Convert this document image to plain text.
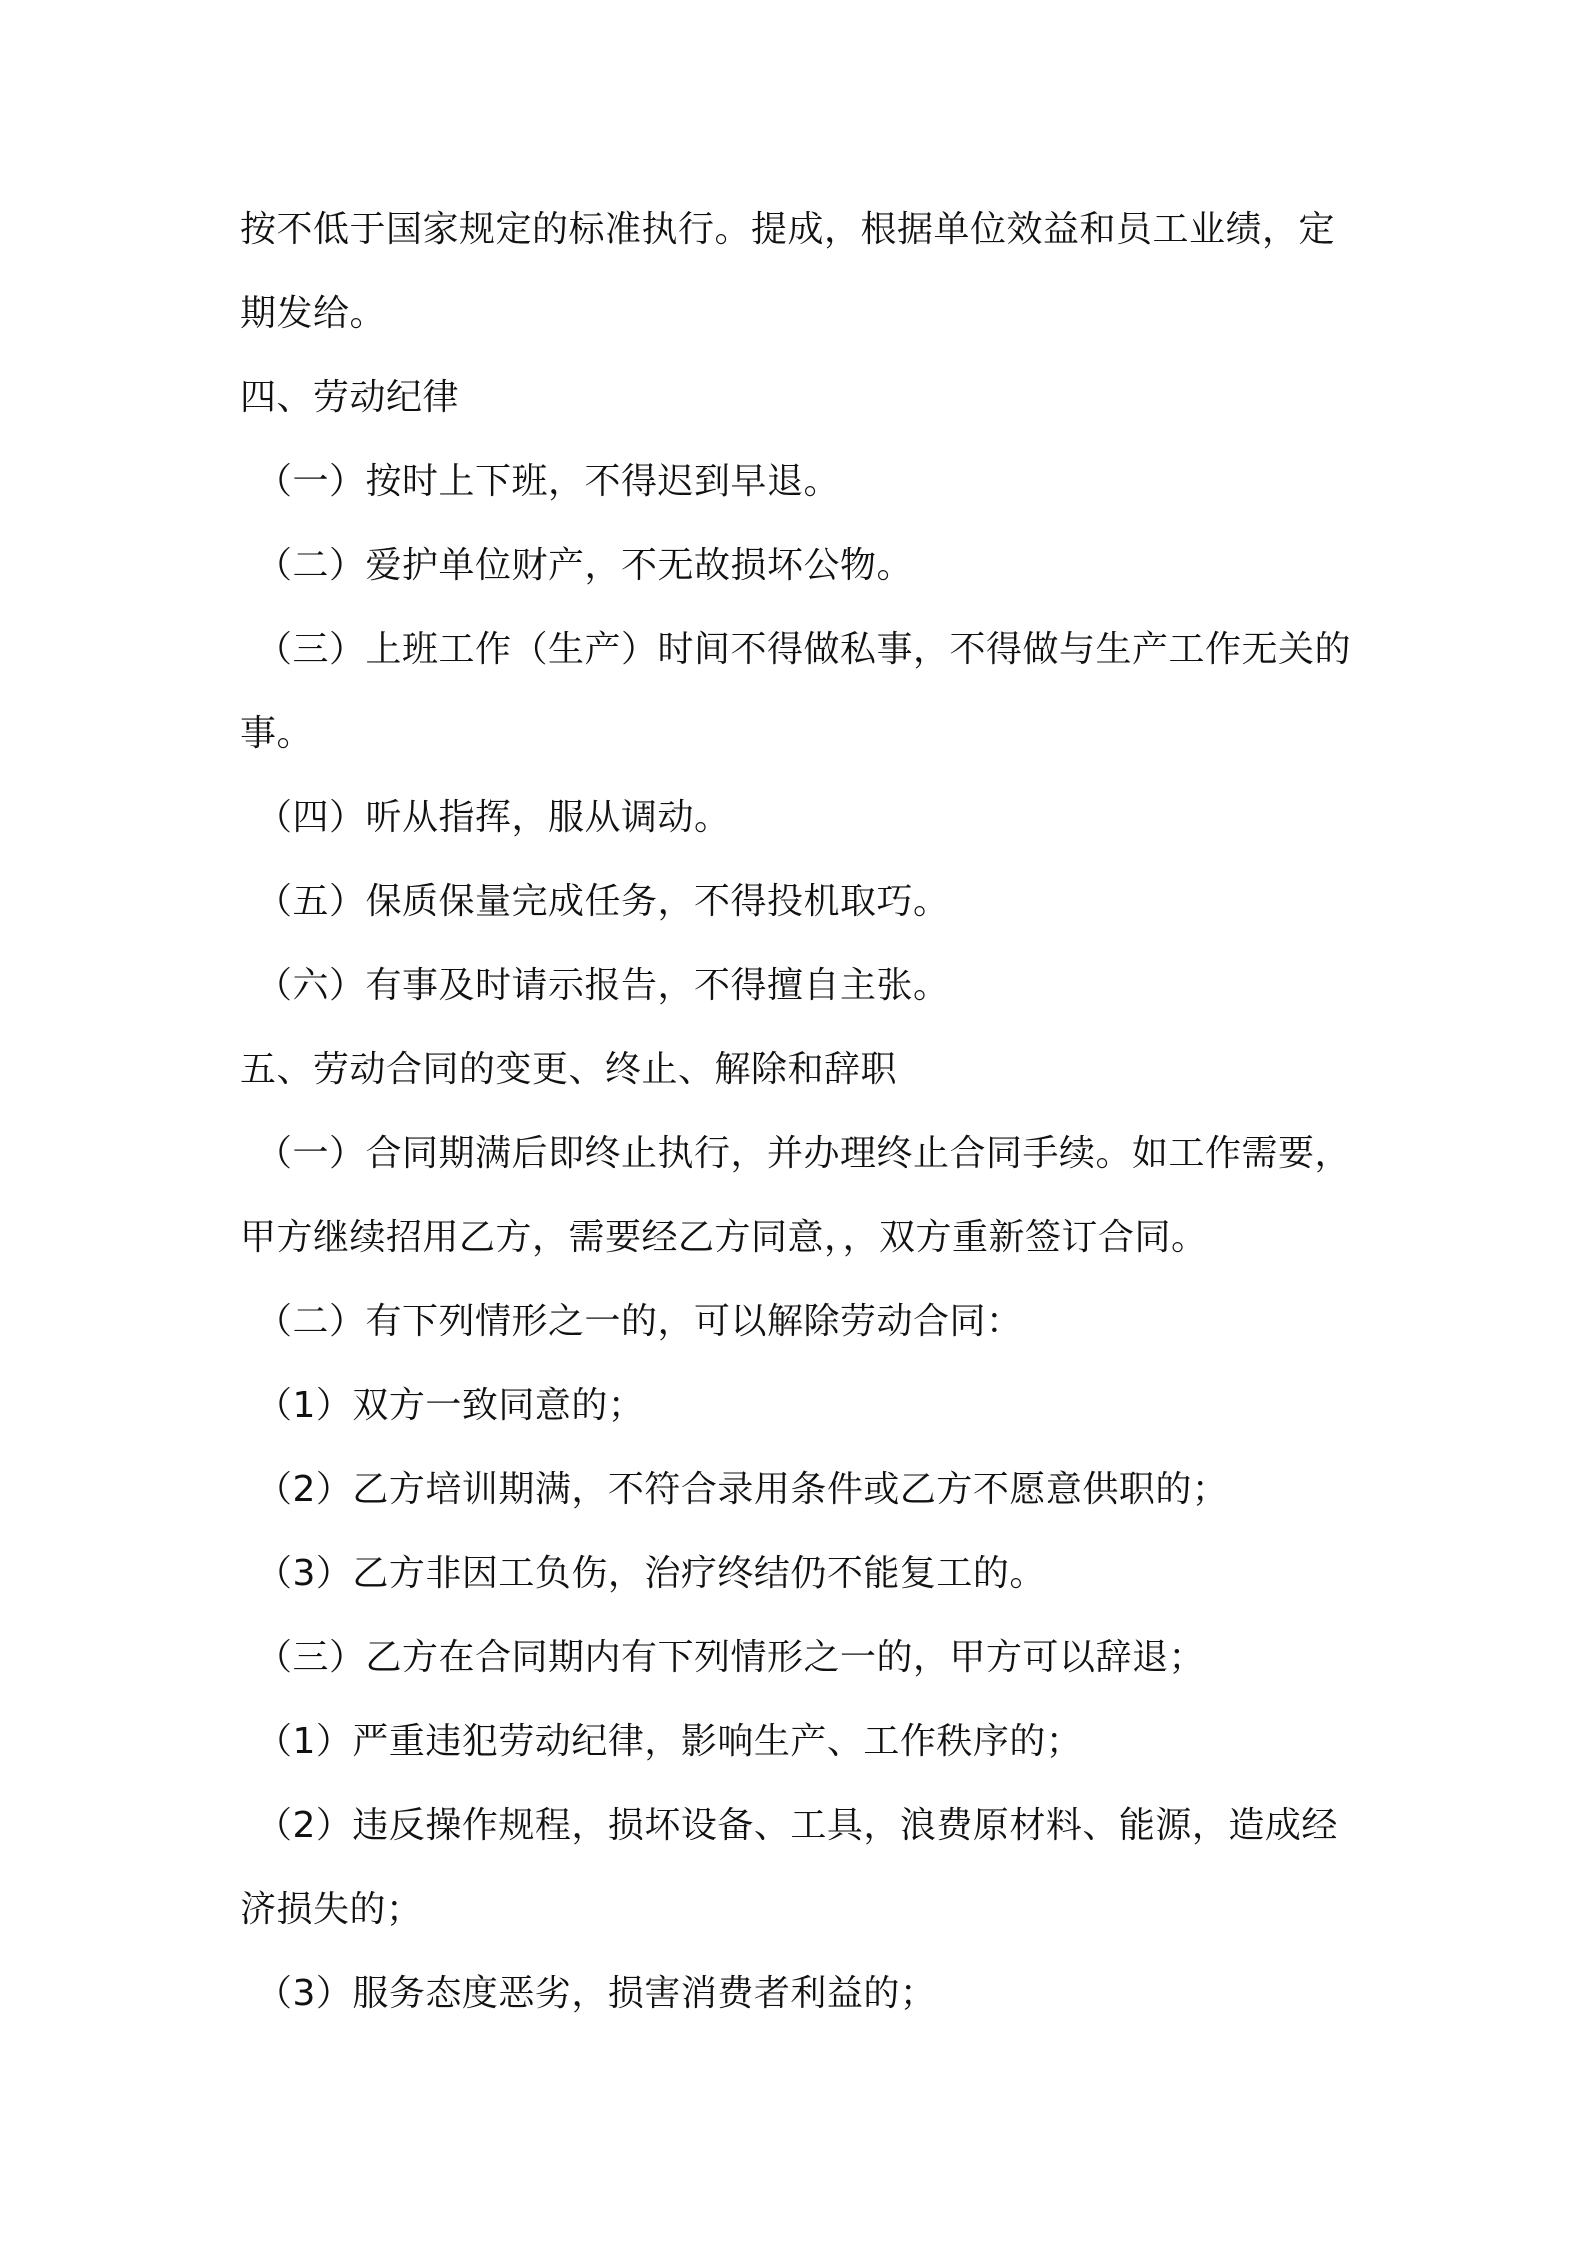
按不低于国家规定的标准执行。提成，根据单位效益和员工业绩，定

期发给。

四、劳动纪律

（一）按时上下班，不得迟到早退。

（二）爱护单位财产，不无故损坏公物。

（三）上班工作（生产）时间不得做私事，不得做与生产工作无关的

事。

（四）听从指挥，服从调动。

（五）保质保量完成任务，不得投机取巧。

（六）有事及时请示报告，不得擅自主张。

五、劳动合同的变更、终止、解除和辞职

（一）合同期满后即终止执行，并办理终止合同手续。如工作需要，

甲方继续招用乙方，需要经乙方同意，，双方重新签订合同。

（二）有下列情形之一的，可以解除劳动合同：

（1）双方一致同意的；

（2）乙方培训期满，不符合录用条件或乙方不愿意供职的；

（3）乙方非因工负伤，治疗终结仍不能复工的。

（三）乙方在合同期内有下列情形之一的，甲方可以辞退；

（1）严重违犯劳动纪律，影响生产、工作秩序的；

（2）违反操作规程，损坏设备、工具，浪费原材料、能源，造成经

济损失的；

（3）服务态度恶劣，损害消费者利益的；
